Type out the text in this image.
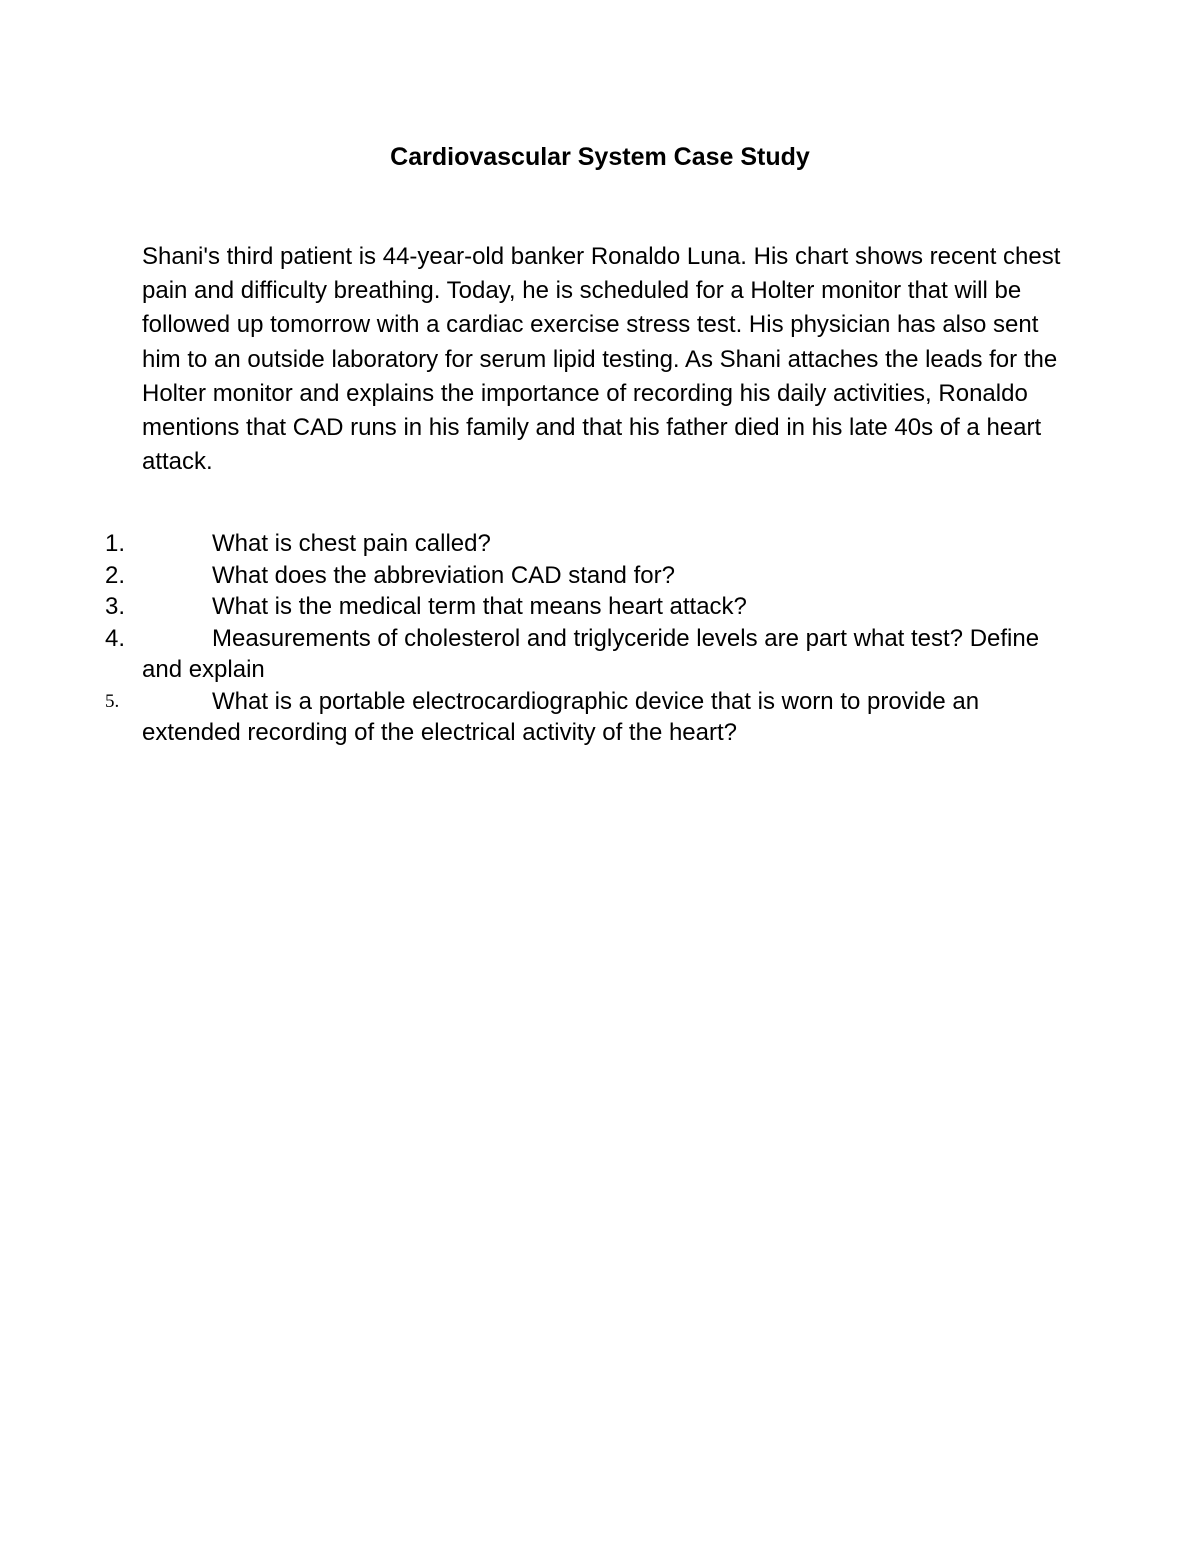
Cardiovascular System Case Study
Shani's third patient is 44-year-old banker Ronaldo Luna. His chart shows recent chest pain and difficulty breathing. Today, he is scheduled for a Holter monitor that will be followed up tomorrow with a cardiac exercise stress test. His physician has also sent him to an outside laboratory for serum lipid testing. As Shani attaches the leads for the Holter monitor and explains the importance of recording his daily activities, Ronaldo mentions that CAD runs in his family and that his father died in his late 40s of a heart attack.
1.	What is chest pain called?
2.	What does the abbreviation CAD stand for?
3.	What is the medical term that means heart attack?
4.	Measurements of cholesterol and triglyceride levels are part what test? Define and explain
5.	What is a portable electrocardiographic device that is worn to provide an extended recording of the electrical activity of the heart?
